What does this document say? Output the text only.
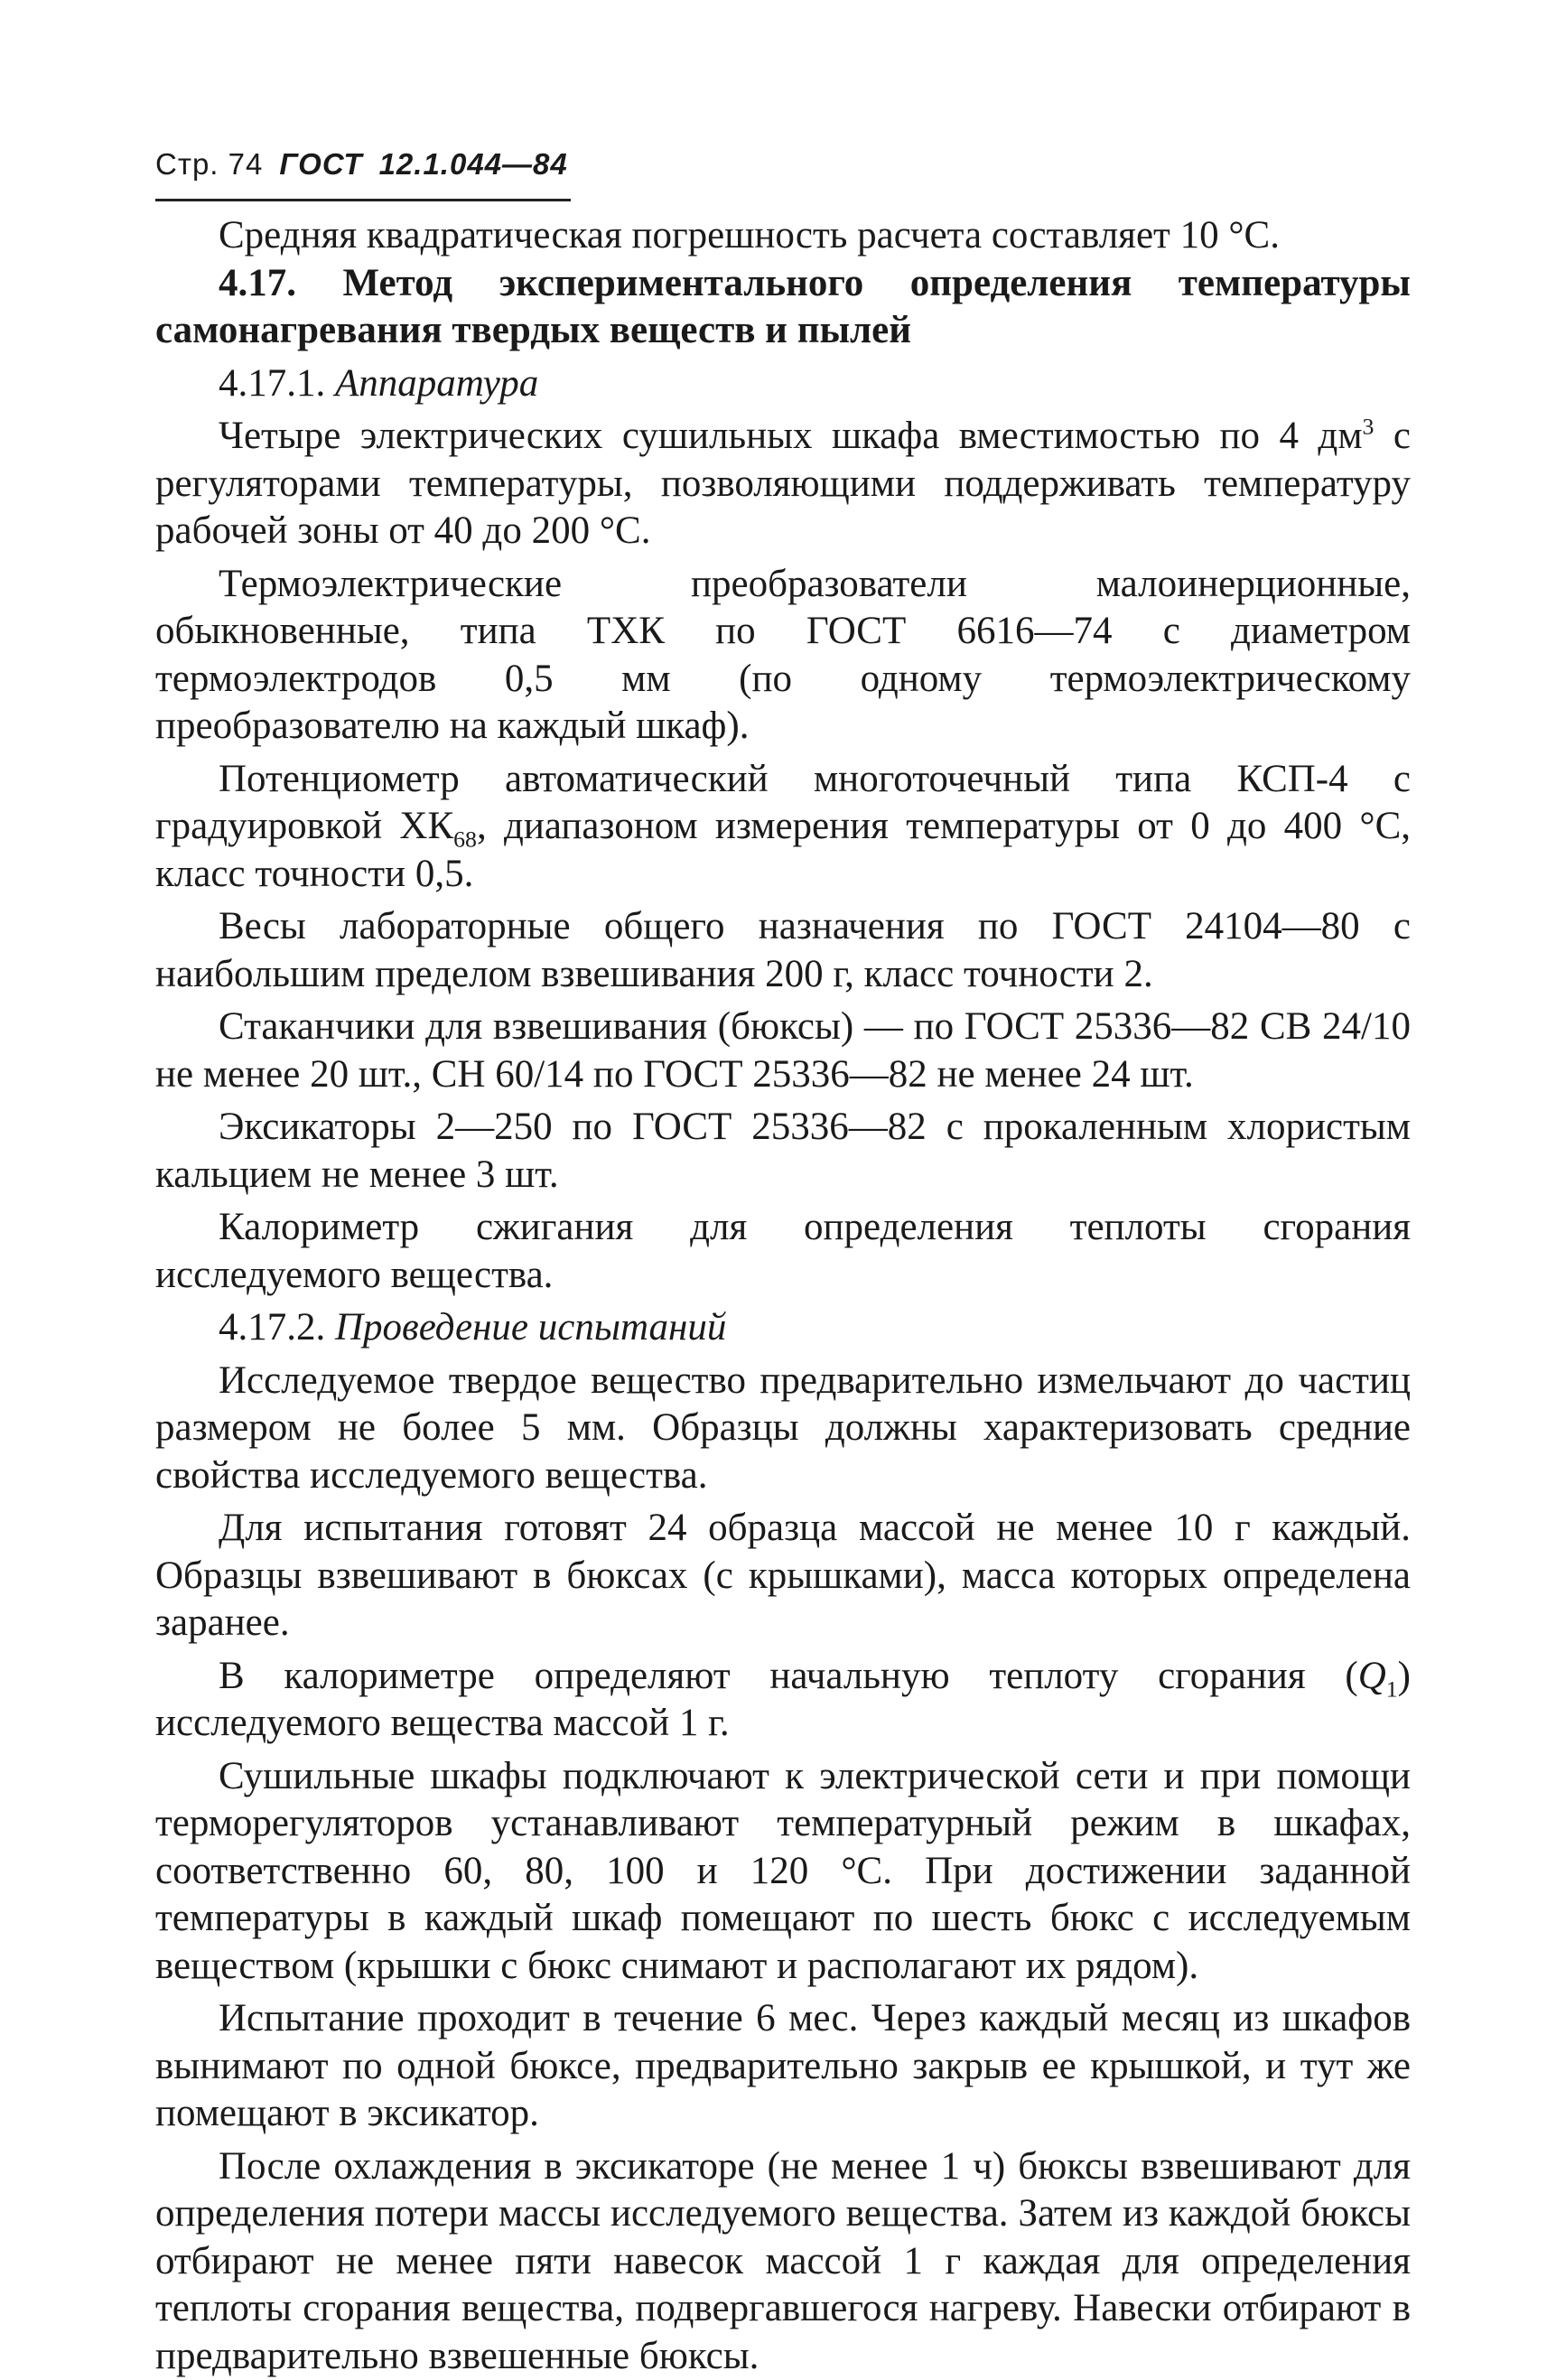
Стр. 74 ГОСТ 12.1.044—84

Средняя квадратическая погрешность расчета составляет 10 °С.

4.17. Метод экспериментального определения температуры самонагревания твердых веществ и пылей

4.17.1. Аппаратура

Четыре электрических сушильных шкафа вместимостью по 4 $дм^3$ с регуляторами температуры, позволяющими поддерживать температуру рабочей зоны от 40 до 200 °С.

Термоэлектрические преобразователи малоинерционные, обыкновенные, типа ТХК по ГОСТ 6616—74 с диаметром термоэлектродов 0,5 мм (по одному термоэлектрическому преобразователю на каждый шкаф).

Потенциометр автоматический многоточечный типа КСП-4 с градуировкой $ХК_{68}$, диапазоном измерения температуры от 0 до 400 °С, класс точности 0,5.

Весы лабораторные общего назначения по ГОСТ 24104—80 с наибольшим пределом взвешивания 200 г, класс точности 2.

Стаканчики для взвешивания (бюксы) — по ГОСТ 25336—82 СВ 24/10 не менее 20 шт., СН 60/14 по ГОСТ 25336—82 не менее 24 шт.

Эксикаторы 2—250 по ГОСТ 25336—82 с прокаленным хлористым кальцием не менее 3 шт.

Калориметр сжигания для определения теплоты сгорания исследуемого вещества.

4.17.2. Проведение испытаний

Исследуемое твердое вещество предварительно измельчают до частиц размером не более 5 мм. Образцы должны характеризовать средние свойства исследуемого вещества.

Для испытания готовят 24 образца массой не менее 10 г каждый. Образцы взвешивают в бюксах (с крышками), масса которых определена заранее.

В калориметре определяют начальную теплоту сгорания $(Q_1)$ исследуемого вещества массой 1 г.

Сушильные шкафы подключают к электрической сети и при помощи терморегуляторов устанавливают температурный режим в шкафах, соответственно 60, 80, 100 и 120 °С. При достижении заданной температуры в каждый шкаф помещают по шесть бюкс с исследуемым веществом (крышки с бюкс снимают и располагают их рядом).

Испытание проходит в течение 6 мес. Через каждый месяц из шкафов вынимают по одной бюксе, предварительно закрыв ее крышкой, и тут же помещают в эксикатор.

После охлаждения в эксикаторе (не менее 1 ч) бюксы взвешивают для определения потери массы исследуемого вещества. Затем из каждой бюксы отбирают не менее пяти навесок массой 1 г каждая для определения теплоты сгорания вещества, подвергавшегося нагреву. Навески отбирают в предварительно взвешенные бюксы.
